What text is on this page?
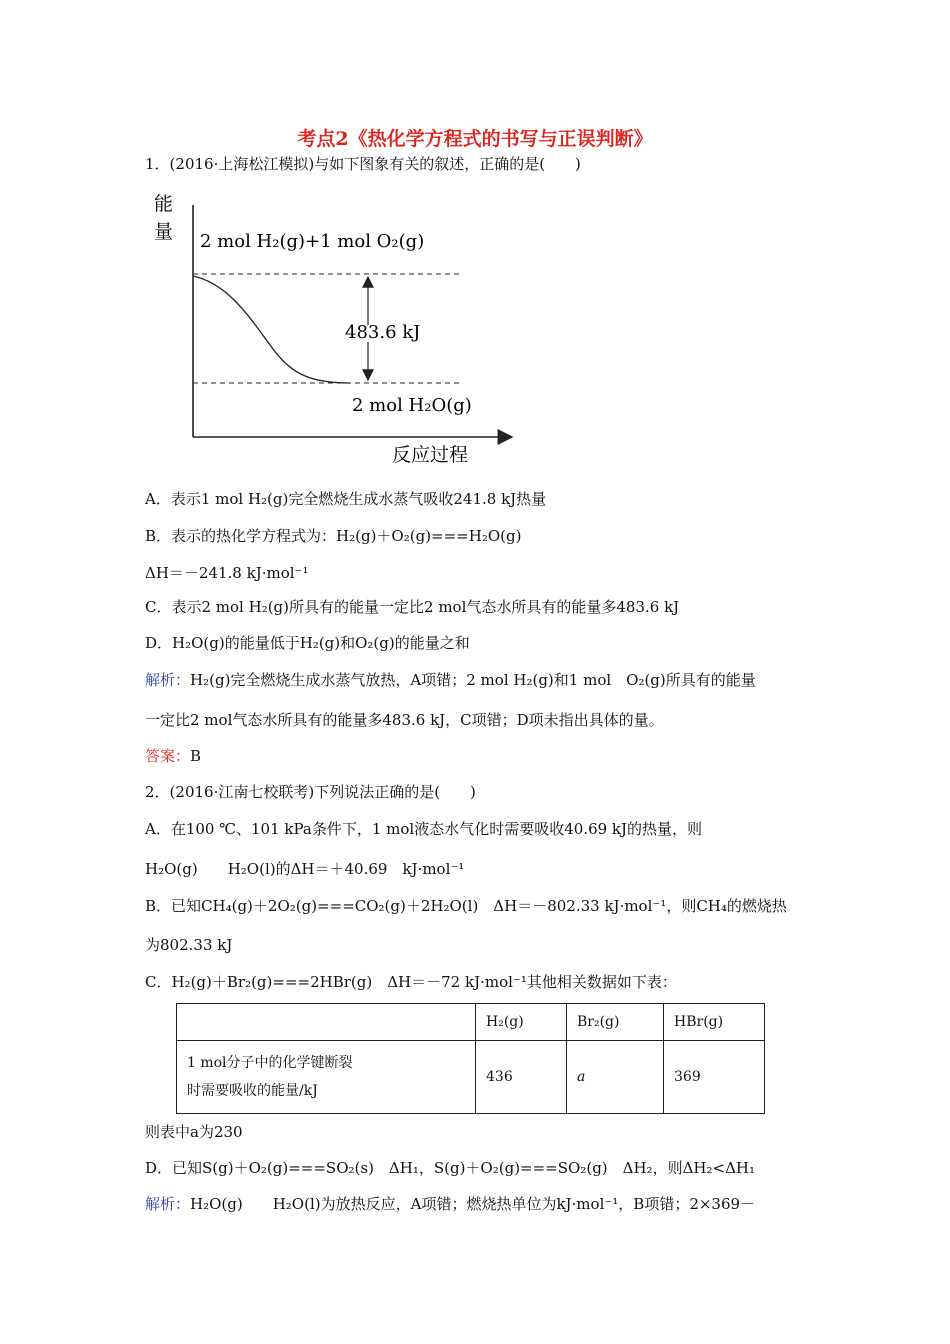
考点2《热化学方程式的书写与正误判断》
1．(2016·上海松江模拟)与如下图象有关的叙述，正确的是(　　)
能
量 2 mol H₂(g)+1 mol O₂(g)
483.6 kJ
2 mol H₂O(g)
反应过程
A．表示1 mol H₂(g)完全燃烧生成水蒸气吸收241.8 kJ热量
B．表示的热化学方程式为：H₂(g)＋O₂(g)===H₂O(g)
ΔH＝－241.8 kJ·mol⁻¹
C．表示2 mol H₂(g)所具有的能量一定比2 mol气态水所具有的能量多483.6 kJ
D．H₂O(g)的能量低于H₂(g)和O₂(g)的能量之和
解析：H₂(g)完全燃烧生成水蒸气放热，A项错；2 mol H₂(g)和1 mol　O₂(g)所具有的能量
一定比2 mol气态水所具有的能量多483.6 kJ，C项错；D项未指出具体的量。
答案：B
2．(2016·江南七校联考)下列说法正确的是(　　)
A．在100 ℃、101 kPa条件下，1 mol液态水气化时需要吸收40.69 kJ的热量，则
H₂O(g)　　H₂O(l)的ΔH＝＋40.69　kJ·mol⁻¹
B．已知CH₄(g)＋2O₂(g)===CO₂(g)＋2H₂O(l)　ΔH＝－802.33 kJ·mol⁻¹，则CH₄的燃烧热
为802.33 kJ
C．H₂(g)＋Br₂(g)===2HBr(g)　ΔH＝－72 kJ·mol⁻¹其他相关数据如下表：
	H₂(g)	Br₂(g)	HBr(g)

1 mol分子中的化学键断裂
时需要吸收的能量/kJ	436	a	369
则表中a为230
D．已知S(g)＋O₂(g)===SO₂(s)　ΔH₁，S(g)＋O₂(g)===SO₂(g)　ΔH₂，则ΔH₂<ΔH₁
解析：H₂O(g)　　H₂O(l)为放热反应，A项错；燃烧热单位为kJ·mol⁻¹，B项错；2×369－
